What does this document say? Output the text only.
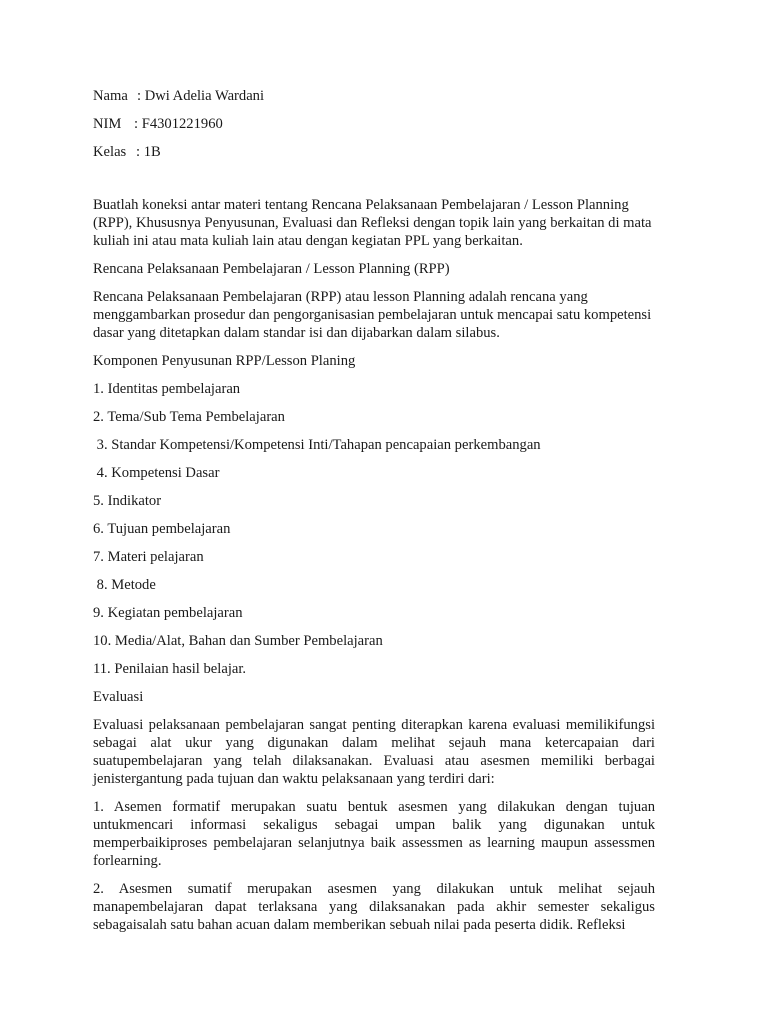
Nama : Dwi Adelia Wardani
NIM : F4301221960
Kelas : 1B

Buatlah koneksi antar materi tentang Rencana Pelaksanaan Pembelajaran / Lesson Planning (RPP), Khususnya Penyusunan, Evaluasi dan Refleksi dengan topik lain yang berkaitan di mata kuliah ini atau mata kuliah lain atau dengan kegiatan PPL yang berkaitan.

Rencana Pelaksanaan Pembelajaran / Lesson Planning (RPP)

Rencana Pelaksanaan Pembelajaran (RPP) atau lesson Planning adalah rencana yang menggambarkan prosedur dan pengorganisasian pembelajaran untuk mencapai satu kompetensi dasar yang ditetapkan dalam standar isi dan dijabarkan dalam silabus.

Komponen Penyusunan RPP/Lesson Planing

1. Identitas pembelajaran
2. Tema/Sub Tema Pembelajaran
3. Standar Kompetensi/Kompetensi Inti/Tahapan pencapaian perkembangan
4. Kompetensi Dasar
5. Indikator
6. Tujuan pembelajaran
7. Materi pelajaran
8. Metode
9. Kegiatan pembelajaran
10. Media/Alat, Bahan dan Sumber Pembelajaran
11. Penilaian hasil belajar.

Evaluasi

Evaluasi pelaksanaan pembelajaran sangat penting diterapkan karena evaluasi memilikifungsi sebagai alat ukur yang digunakan dalam melihat sejauh mana ketercapaian dari suatupembelajaran yang telah dilaksanakan. Evaluasi atau asesmen memiliki berbagai jenistergantung pada tujuan dan waktu pelaksanaan yang terdiri dari:

1. Asemen formatif merupakan suatu bentuk asesmen yang dilakukan dengan tujuan untukmencari informasi sekaligus sebagai umpan balik yang digunakan untuk memperbaikiproses pembelajaran selanjutnya baik assessmen as learning maupun assessmen forlearning.

2. Asesmen sumatif merupakan asesmen yang dilakukan untuk melihat sejauh manapembelajaran dapat terlaksana yang dilaksanakan pada akhir semester sekaligus sebagaisalah satu bahan acuan dalam memberikan sebuah nilai pada peserta didik. Refleksi
